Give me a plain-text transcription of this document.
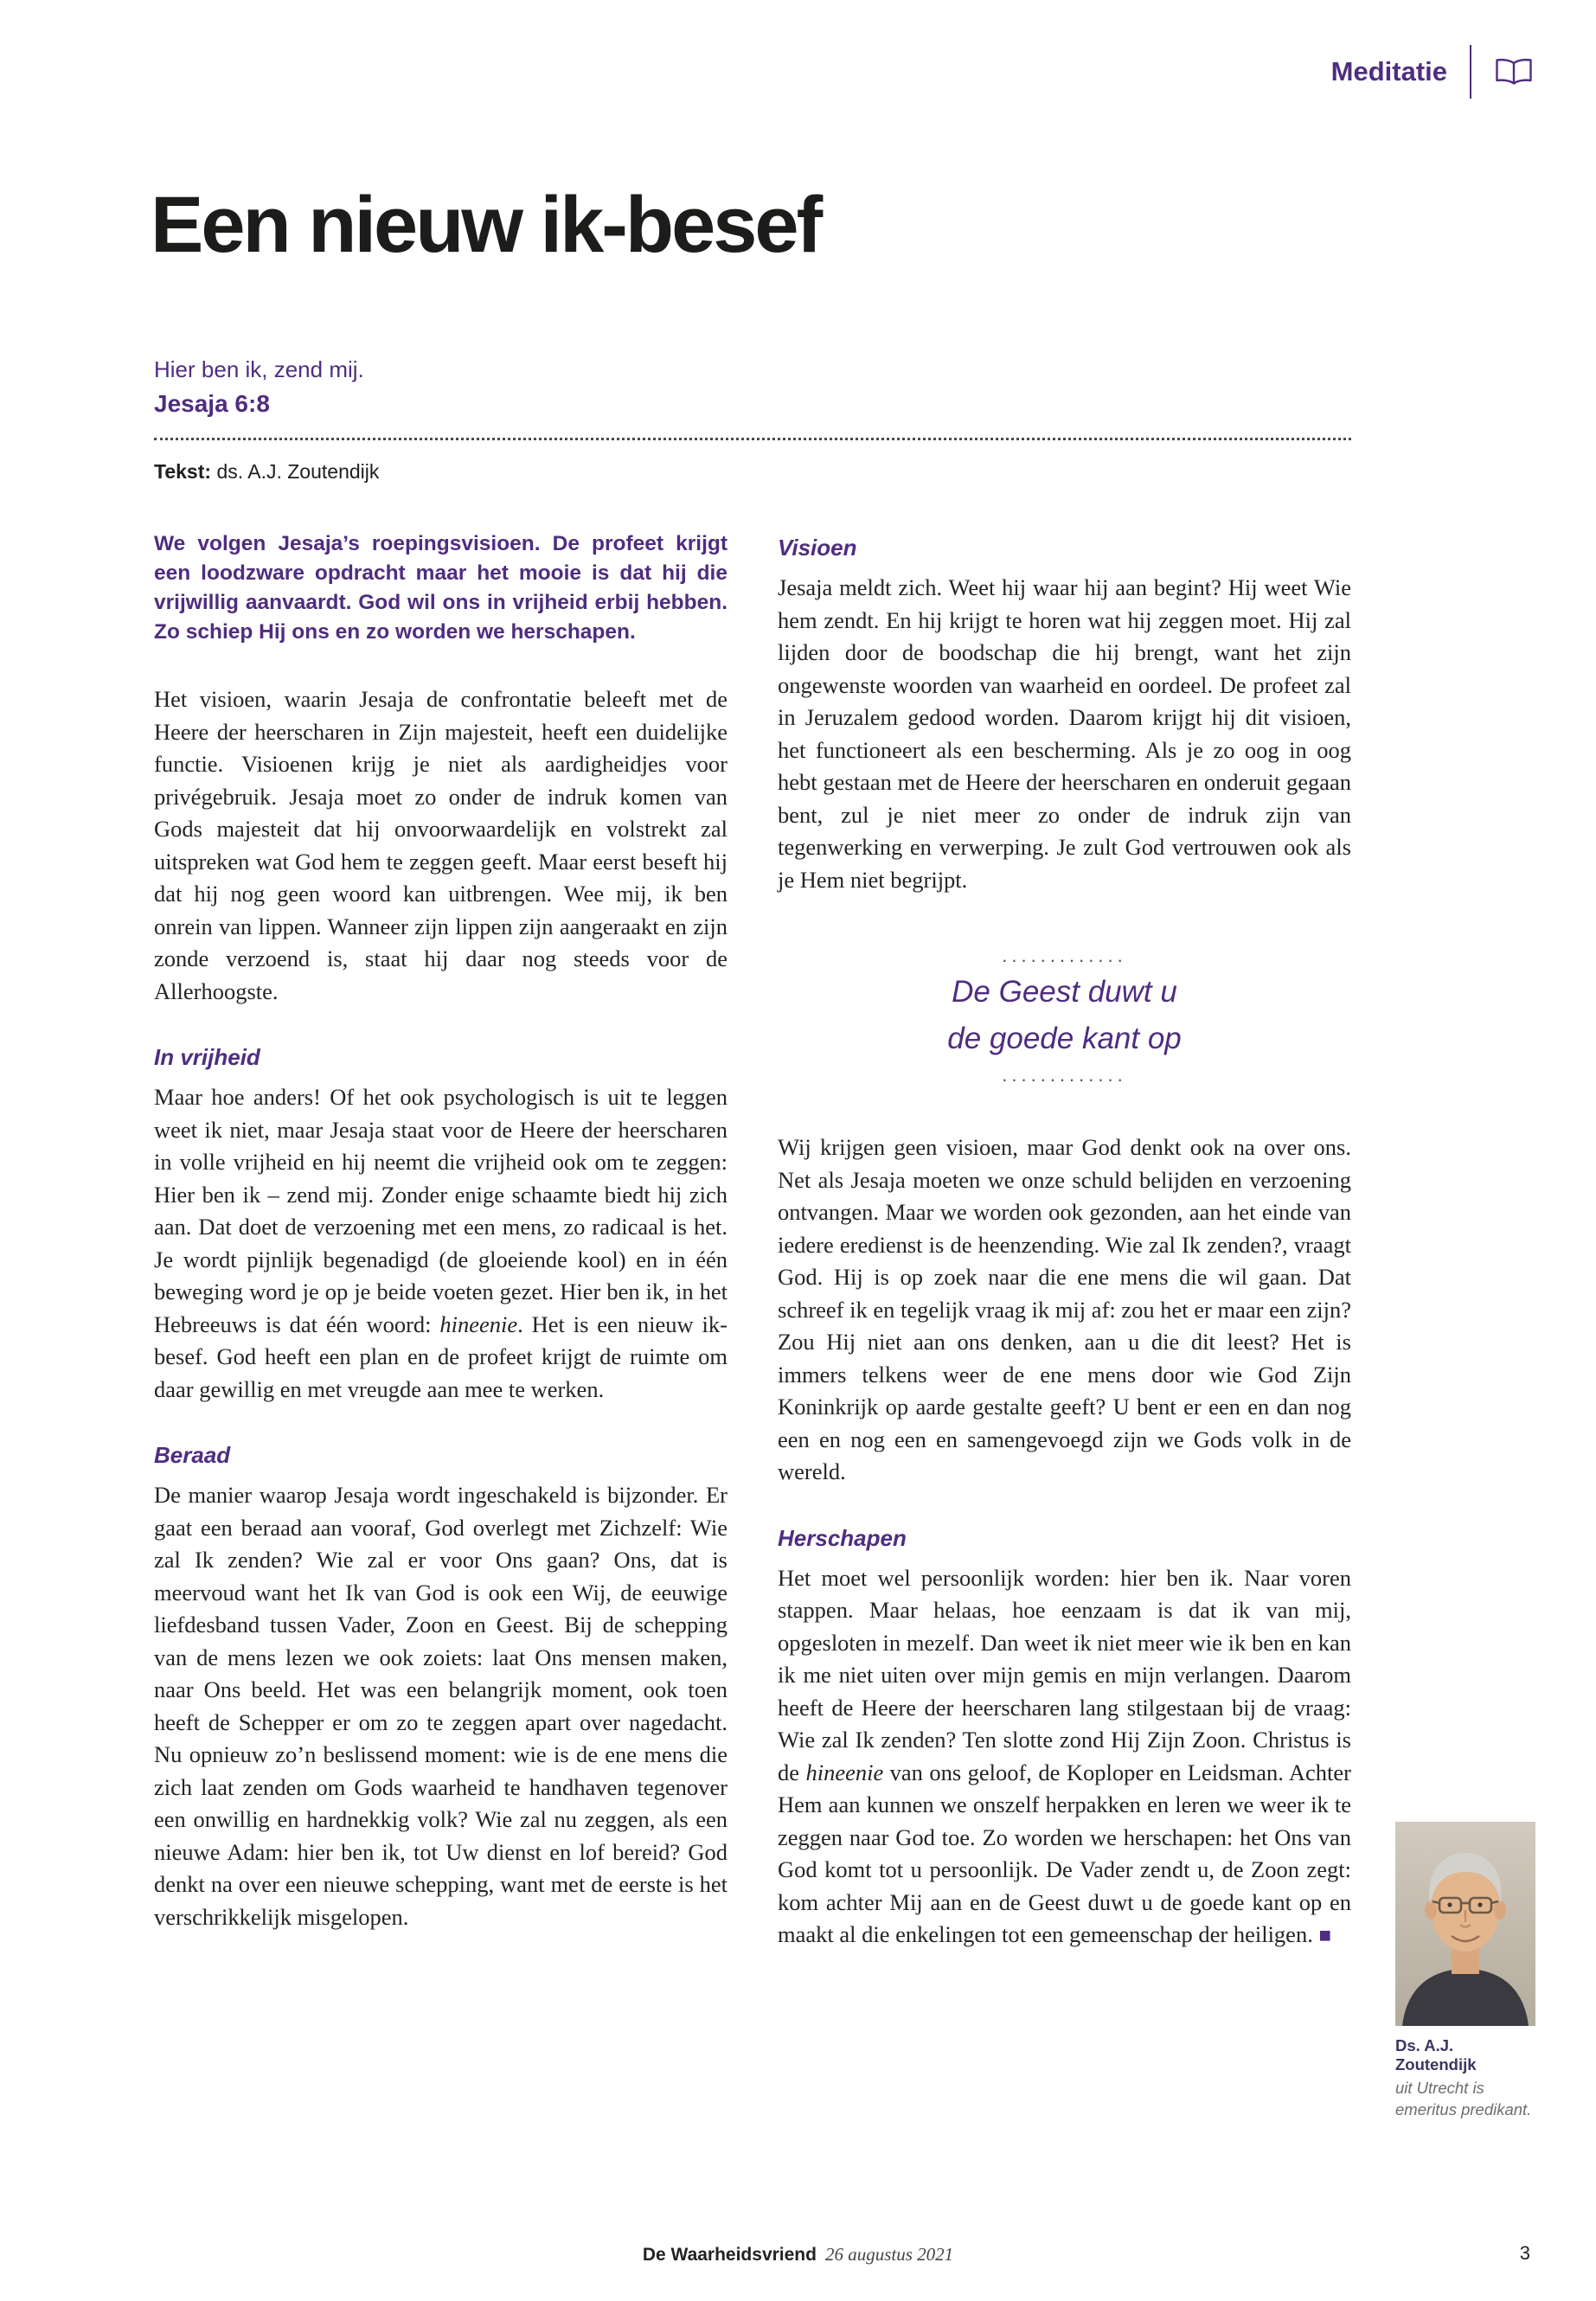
Meditatie
Een nieuw ik-besef

Hier ben ik, zend mij.

Jesaja 6:8

Tekst: ds. A.J. Zoutendijk

We volgen Jesaja’s roepingsvisioen. De profeet krijgt een loodzware opdracht maar het mooie is dat hij die vrijwillig aanvaardt. God wil ons in vrijheid erbij hebben. Zo schiep Hij ons en zo worden we herschapen.

Het visioen, waarin Jesaja de confrontatie beleeft met de Heere der heerscharen in Zijn majesteit, heeft een duidelijke functie. Visioenen krijg je niet als aardigheidjes voor privégebruik. Jesaja moet zo onder de indruk komen van Gods majesteit dat hij onvoorwaardelijk en volstrekt zal uitspreken wat God hem te zeggen geeft. Maar eerst beseft hij dat hij nog geen woord kan uitbrengen. Wee mij, ik ben onrein van lippen. Wanneer zijn lippen zijn aangeraakt en zijn zonde verzoend is, staat hij daar nog steeds voor de Allerhoogste.

In vrijheid

Maar hoe anders! Of het ook psychologisch is uit te leggen weet ik niet, maar Jesaja staat voor de Heere der heerscharen in volle vrijheid en hij neemt die vrijheid ook om te zeggen: Hier ben ik – zend mij. Zonder enige schaamte biedt hij zich aan. Dat doet de verzoening met een mens, zo radicaal is het. Je wordt pijnlijk begenadigd (de gloeiende kool) en in één beweging word je op je beide voeten gezet. Hier ben ik, in het Hebreeuws is dat één woord: hineenie. Het is een nieuw ik-besef. God heeft een plan en de profeet krijgt de ruimte om daar gewillig en met vreugde aan mee te werken.

Beraad

De manier waarop Jesaja wordt ingeschakeld is bijzonder. Er gaat een beraad aan vooraf, God overlegt met Zichzelf: Wie zal Ik zenden? Wie zal er voor Ons gaan? Ons, dat is meervoud want het Ik van God is ook een Wij, de eeuwige liefdesband tussen Vader, Zoon en Geest. Bij de schepping van de mens lezen we ook zoiets: laat Ons mensen maken, naar Ons beeld. Het was een belangrijk moment, ook toen heeft de Schepper er om zo te zeggen apart over nagedacht. Nu opnieuw zo’n beslissend moment: wie is de ene mens die zich laat zenden om Gods waarheid te handhaven tegenover een onwillig en hardnekkig volk? Wie zal nu zeggen, als een nieuwe Adam: hier ben ik, tot Uw dienst en lof bereid? God denkt na over een nieuwe schepping, want met de eerste is het verschrikkelijk misgelopen.

Visioen

Jesaja meldt zich. Weet hij waar hij aan begint? Hij weet Wie hem zendt. En hij krijgt te horen wat hij zeggen moet. Hij zal lijden door de boodschap die hij brengt, want het zijn ongewenste woorden van waarheid en oordeel. De profeet zal in Jeruzalem gedood worden. Daarom krijgt hij dit visioen, het functioneert als een bescherming. Als je zo oog in oog hebt gestaan met de Heere der heerscharen en onderuit gegaan bent, zul je niet meer zo onder de indruk zijn van tegenwerking en verwerping. Je zult God vertrouwen ook als je Hem niet begrijpt.

.............

De Geest duwt u

de goede kant op

.............

Wij krijgen geen visioen, maar God denkt ook na over ons. Net als Jesaja moeten we onze schuld belijden en verzoening ontvangen. Maar we worden ook gezonden, aan het einde van iedere eredienst is de heenzending. Wie zal Ik zenden?, vraagt God. Hij is op zoek naar die ene mens die wil gaan. Dat schreef ik en tegelijk vraag ik mij af: zou het er maar een zijn? Zou Hij niet aan ons denken, aan u die dit leest? Het is immers telkens weer de ene mens door wie God Zijn Koninkrijk op aarde gestalte geeft? U bent er een en dan nog een en nog een en samengevoegd zijn we Gods volk in de wereld.

Herschapen

Het moet wel persoonlijk worden: hier ben ik. Naar voren stappen. Maar helaas, hoe eenzaam is dat ik van mij, opgesloten in mezelf. Dan weet ik niet meer wie ik ben en kan ik me niet uiten over mijn gemis en mijn verlangen. Daarom heeft de Heere der heerscharen lang stilgestaan bij de vraag: Wie zal Ik zenden? Ten slotte zond Hij Zijn Zoon. Christus is de hineenie van ons geloof, de Koploper en Leidsman. Achter Hem aan kunnen we onszelf herpakken en leren we weer ik te zeggen naar God toe. Zo worden we herschapen: het Ons van God komt tot u persoonlijk. De Vader zendt u, de Zoon zegt: kom achter Mij aan en de Geest duwt u de goede kant op en maakt al die enkelingen tot een gemeenschap der heiligen. ■

Ds. A.J. Zoutendijk

uit Utrecht is emeritus predikant.

De Waarheidsvriend 26 augustus 2021	3
